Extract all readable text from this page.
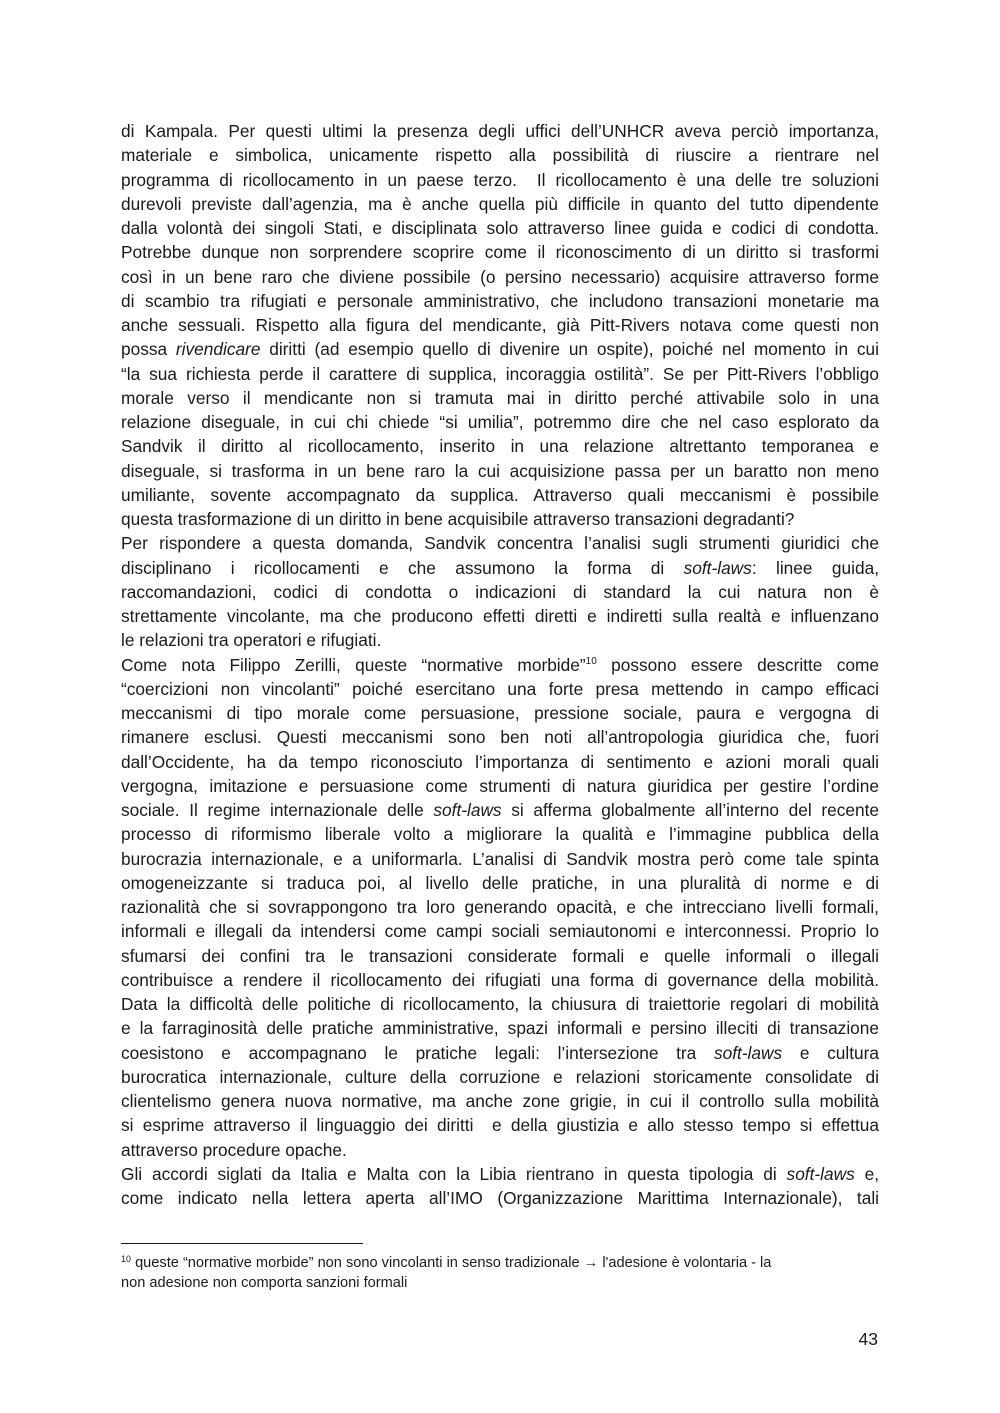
di Kampala. Per questi ultimi la presenza degli uffici dell’UNHCR aveva perciò importanza,
materiale e simbolica, unicamente rispetto alla possibilità di riuscire a rientrare nel
programma di ricollocamento in un paese terzo.  Il ricollocamento è una delle tre soluzioni
durevoli previste dall’agenzia, ma è anche quella più difficile in quanto del tutto dipendente
dalla volontà dei singoli Stati, e disciplinata solo attraverso linee guida e codici di condotta.
Potrebbe dunque non sorprendere scoprire come il riconoscimento di un diritto si trasformi
così in un bene raro che diviene possibile (o persino necessario) acquisire attraverso forme
di scambio tra rifugiati e personale amministrativo, che includono transazioni monetarie ma
anche sessuali. Rispetto alla figura del mendicante, già Pitt-Rivers notava come questi non
possa rivendicare diritti (ad esempio quello di divenire un ospite), poiché nel momento in cui
“la sua richiesta perde il carattere di supplica, incoraggia ostilità”. Se per Pitt-Rivers l’obbligo
morale verso il mendicante non si tramuta mai in diritto perché attivabile solo in una
relazione diseguale, in cui chi chiede “si umilia”, potremmo dire che nel caso esplorato da
Sandvik il diritto al ricollocamento, inserito in una relazione altrettanto temporanea e
diseguale, si trasforma in un bene raro la cui acquisizione passa per un baratto non meno
umiliante, sovente accompagnato da supplica. Attraverso quali meccanismi è possibile
questa trasformazione di un diritto in bene acquisibile attraverso transazioni degradanti?
Per rispondere a questa domanda, Sandvik concentra l’analisi sugli strumenti giuridici che
disciplinano i ricollocamenti e che assumono la forma di soft-laws: linee guida,
raccomandazioni, codici di condotta o indicazioni di standard la cui natura non è
strettamente vincolante, ma che producono effetti diretti e indiretti sulla realtà e influenzano
le relazioni tra operatori e rifugiati.
Come nota Filippo Zerilli, queste “normative morbide”$^{10}$ possono essere descritte come
“coercizioni non vincolanti” poiché esercitano una forte presa mettendo in campo efficaci
meccanismi di tipo morale come persuasione, pressione sociale, paura e vergogna di
rimanere esclusi. Questi meccanismi sono ben noti all’antropologia giuridica che, fuori
dall’Occidente, ha da tempo riconosciuto l’importanza di sentimento e azioni morali quali
vergogna, imitazione e persuasione come strumenti di natura giuridica per gestire l’ordine
sociale. Il regime internazionale delle soft-laws si afferma globalmente all’interno del recente
processo di riformismo liberale volto a migliorare la qualità e l’immagine pubblica della
burocrazia internazionale, e a uniformarla. L’analisi di Sandvik mostra però come tale spinta
omogeneizzante si traduca poi, al livello delle pratiche, in una pluralità di norme e di
razionalità che si sovrappongono tra loro generando opacità, e che intrecciano livelli formali,
informali e illegali da intendersi come campi sociali semiautonomi e interconnessi. Proprio lo
sfumarsi dei confini tra le transazioni considerate formali e quelle informali o illegali
contribuisce a rendere il ricollocamento dei rifugiati una forma di governance della mobilità.
Data la difficoltà delle politiche di ricollocamento, la chiusura di traiettorie regolari di mobilità
e la farraginosità delle pratiche amministrative, spazi informali e persino illeciti di transazione
coesistono e accompagnano le pratiche legali: l’intersezione tra soft-laws e cultura
burocratica internazionale, culture della corruzione e relazioni storicamente consolidate di
clientelismo genera nuova normative, ma anche zone grigie, in cui il controllo sulla mobilità
si esprime attraverso il linguaggio dei diritti  e della giustizia e allo stesso tempo si effettua
attraverso procedure opache.
Gli accordi siglati da Italia e Malta con la Libia rientrano in questa tipologia di soft-laws e,
come indicato nella lettera aperta all’IMO (Organizzazione Marittima Internazionale), tali
$^{10}$ queste “normative morbide” non sono vincolanti in senso tradizionale → l'adesione è volontaria - la
non adesione non comporta sanzioni formali
43
